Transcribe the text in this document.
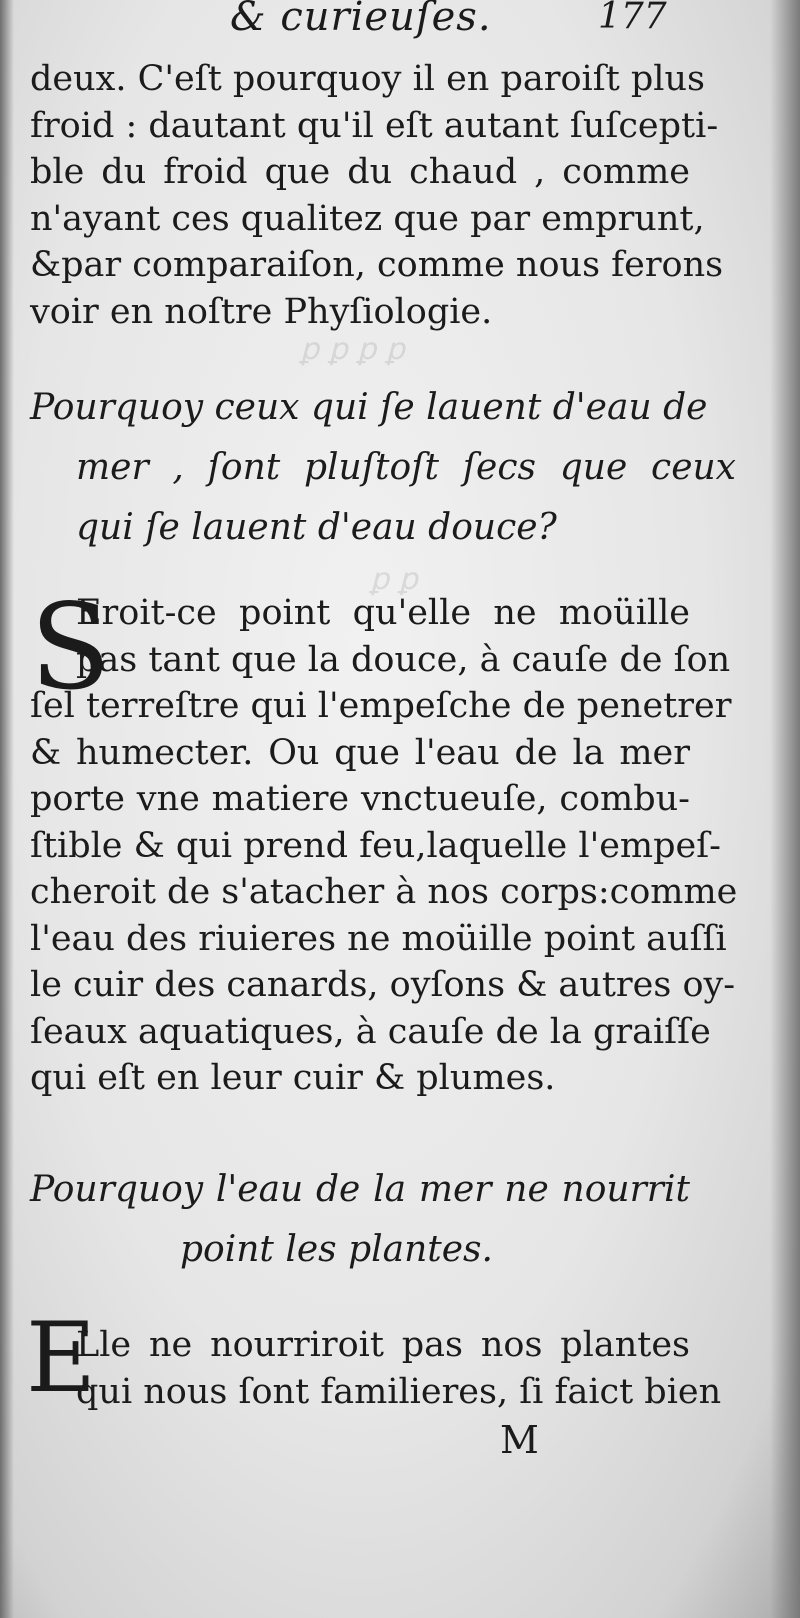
ꝑ ꝑ ꝑ ꝑ
ꝑ ꝑ
& curieuſes.	177
deux. C'eſt pourquoy il en paroiſt plus
froid : dautant qu'il eſt autant ſuſcepti-
ble du froid que du chaud , comme
n'ayant ces qualitez que par emprunt,
&par comparaiſon, comme nous ferons
voir en noſtre Phyſiologie.
Pourquoy ceux qui ſe lauent d'eau de
mer , ſont pluſtoſt ſecs que ceux
qui ſe lauent d'eau douce?
S
Eroit-ce point qu'elle ne moüille
pas tant que la douce, à cauſe de ſon
ſel terreſtre qui l'empeſche de penetrer
& humecter. Ou que l'eau de la mer
porte vne matiere vnctueuſe, combu-
ſtible & qui prend feu,laquelle l'empeſ-
cheroit de s'atacher à nos corps:comme
l'eau des riuieres ne moüille point auſſi
le cuir des canards, oyſons & autres oy-
ſeaux aquatiques, à cauſe de la graiſſe
qui eſt en leur cuir & plumes.
Pourquoy l'eau de la mer ne nourrit
point les plantes.
E
Lle ne nourriroit pas nos plantes
qui nous ſont familieres, ſi faict bien
M
